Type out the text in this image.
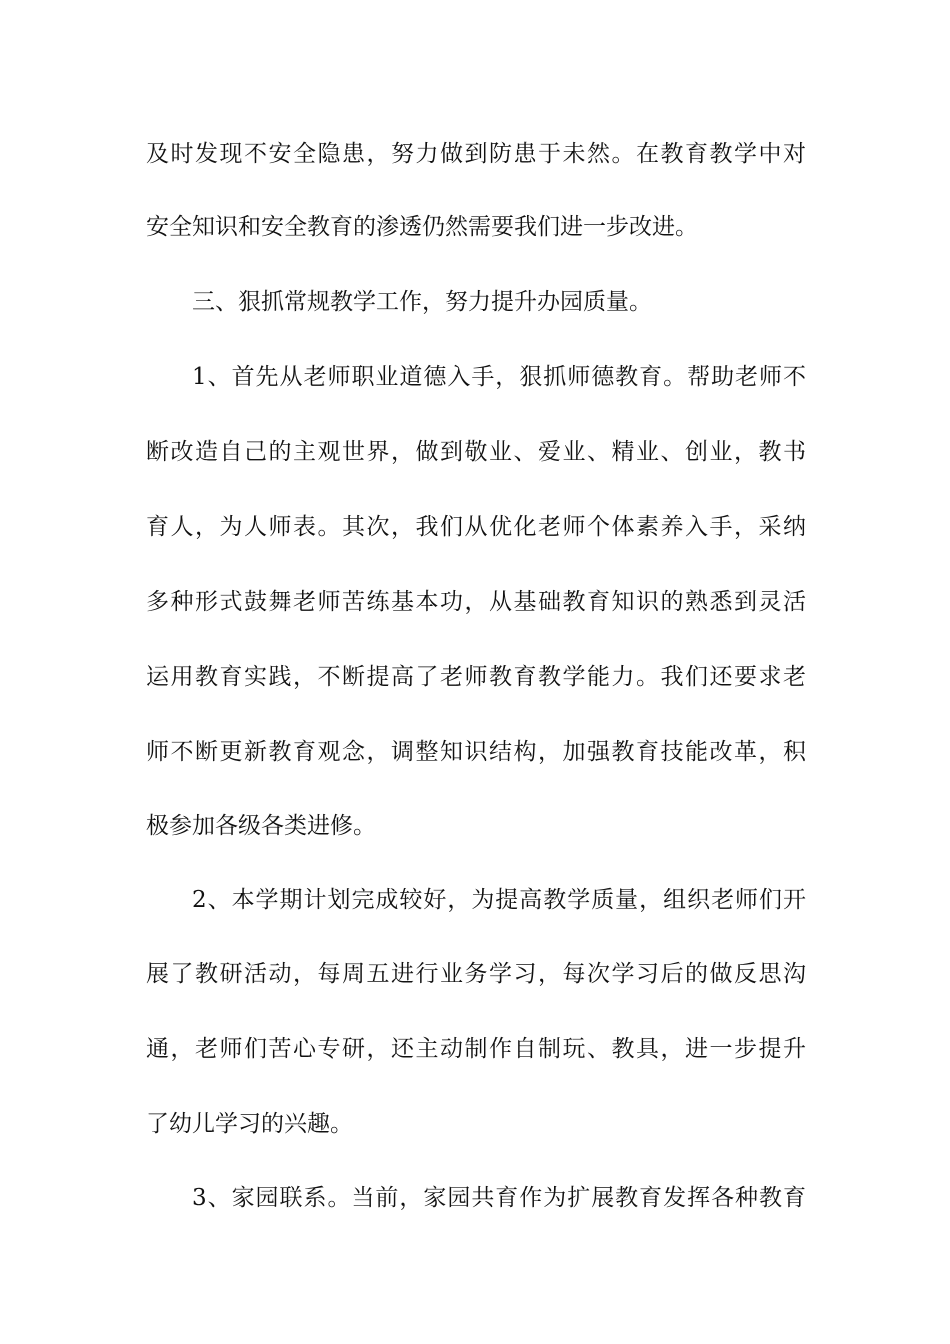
及时发现不安全隐患，努力做到防患于未然。在教育教学中对
安全知识和安全教育的渗透仍然需要我们进一步改进。
三、狠抓常规教学工作，努力提升办园质量。
1、首先从老师职业道德入手，狠抓师德教育。帮助老师不
断改造自己的主观世界，做到敬业、爱业、精业、创业，教书
育人，为人师表。其次，我们从优化老师个体素养入手，采纳
多种形式鼓舞老师苦练基本功，从基础教育知识的熟悉到灵活
运用教育实践，不断提高了老师教育教学能力。我们还要求老
师不断更新教育观念，调整知识结构，加强教育技能改革，积
极参加各级各类进修。
2、本学期计划完成较好，为提高教学质量，组织老师们开
展了教研活动，每周五进行业务学习，每次学习后的做反思沟
通，老师们苦心专研，还主动制作自制玩、教具，进一步提升
了幼儿学习的兴趣。
3、家园联系。当前，家园共育作为扩展教育发挥各种教育
